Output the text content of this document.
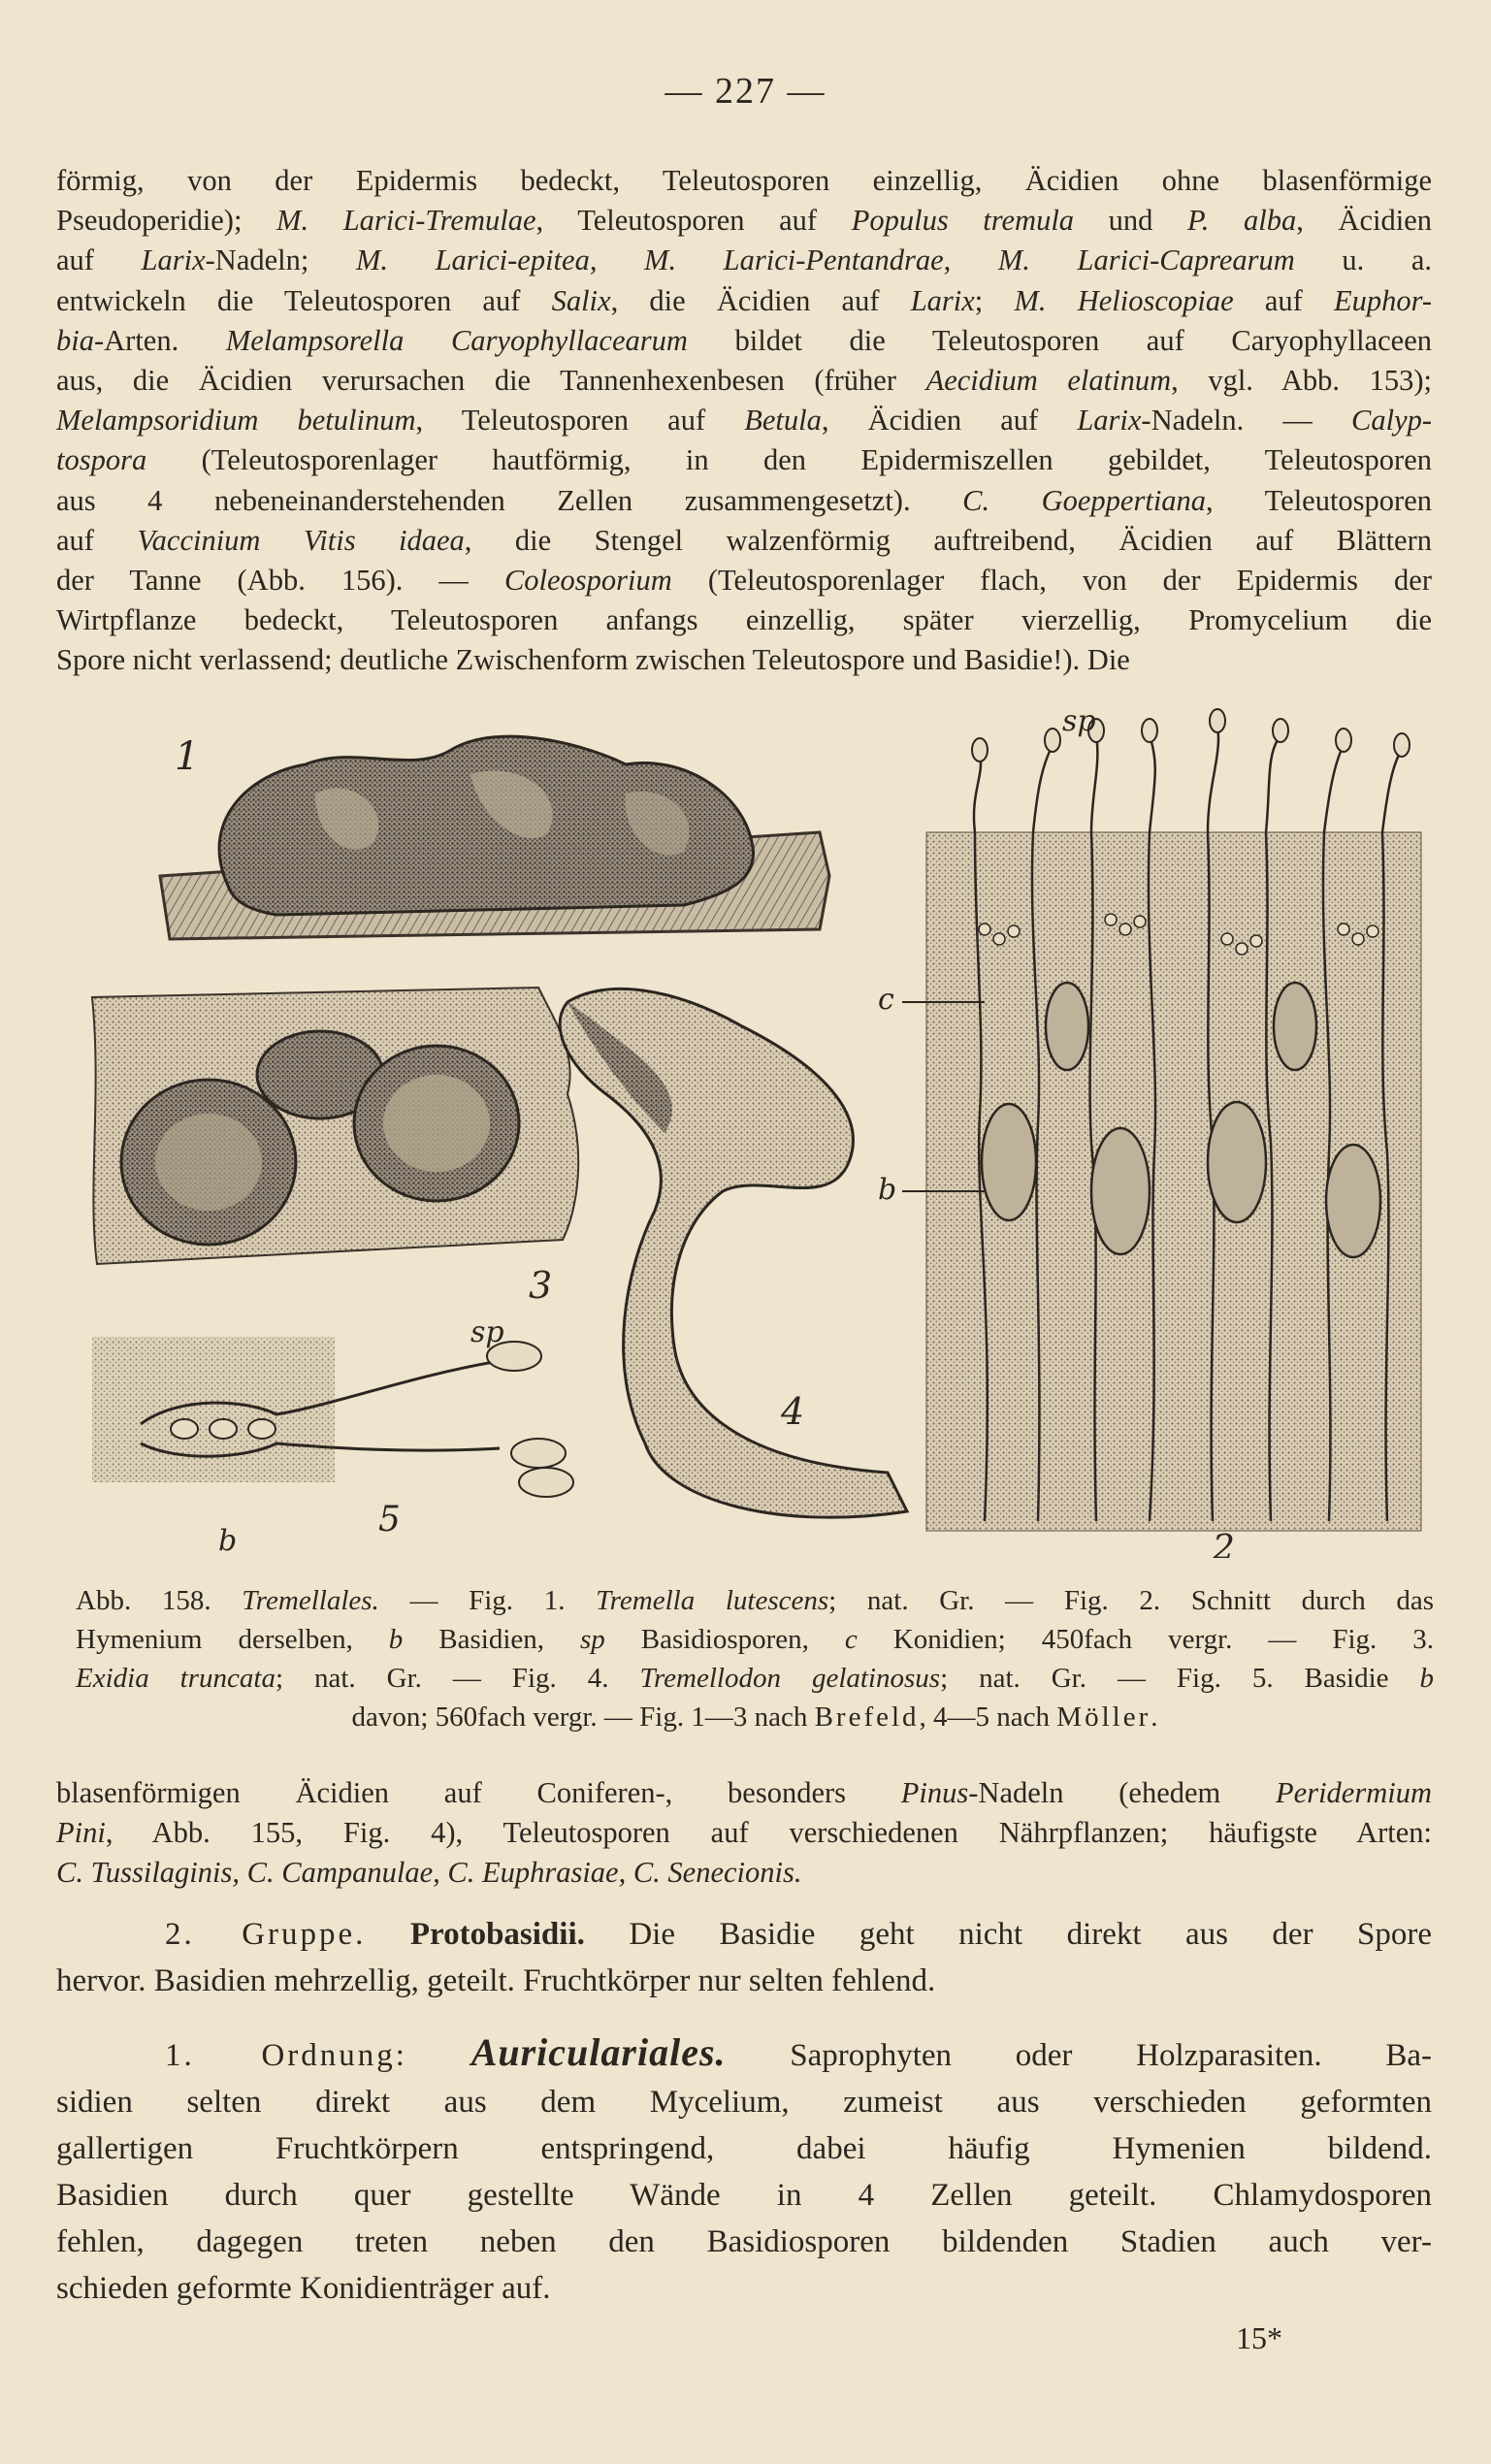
— 227 —
förmig, von der Epidermis bedeckt, Teleutosporen einzellig, Äcidien ohne blasenförmige
Pseudoperidie); M. Larici-Tremulae, Teleutosporen auf Populus tremula und P. alba, Äcidien
auf Larix-Nadeln; M. Larici-epitea, M. Larici-Pentandrae, M. Larici-Caprearum u. a.
entwickeln die Teleutosporen auf Salix, die Äcidien auf Larix; M. Helioscopiae auf Euphor-
bia-Arten. Melampsorella Caryophyllacearum bildet die Teleutosporen auf Caryophyllaceen
aus, die Äcidien verursachen die Tannenhexenbesen (früher Aecidium elatinum, vgl. Abb. 153);
Melampsoridium betulinum, Teleutosporen auf Betula, Äcidien auf Larix-Nadeln. — Calyp-
tospora (Teleutosporenlager hautförmig, in den Epidermiszellen gebildet, Teleutosporen
aus 4 nebeneinanderstehenden Zellen zusammengesetzt). C. Goeppertiana, Teleutosporen
auf Vaccinium Vitis idaea, die Stengel walzenförmig auftreibend, Äcidien auf Blättern
der Tanne (Abb. 156). — Coleosporium (Teleutosporenlager flach, von der Epidermis der
Wirtpflanze bedeckt, Teleutosporen anfangs einzellig, später vierzellig, Promycelium die
Spore nicht verlassend; deutliche Zwischenform zwischen Teleutospore und Basidie!). Die
1
3
4
sp
b
5
c
b
sp
2
Abb. 158. Tremellales. — Fig. 1. Tremella lutescens; nat. Gr. — Fig. 2. Schnitt durch das
Hymenium derselben, b Basidien, sp Basidiosporen, c Konidien; 450fach vergr. — Fig. 3.
Exidia truncata; nat. Gr. — Fig. 4. Tremellodon gelatinosus; nat. Gr. — Fig. 5. Basidie b
davon; 560fach vergr. — Fig. 1—3 nach Brefeld, 4—5 nach Möller.
blasenförmigen Äcidien auf Coniferen-, besonders Pinus-Nadeln (ehedem Peridermium
Pini, Abb. 155, Fig. 4), Teleutosporen auf verschiedenen Nährpflanzen; häufigste Arten:
C. Tussilaginis, C. Campanulae, C. Euphrasiae, C. Senecionis.
2. Gruppe. Protobasidii. Die Basidie geht nicht direkt aus der Spore
hervor. Basidien mehrzellig, geteilt. Fruchtkörper nur selten fehlend.
1. Ordnung: Auriculariales. Saprophyten oder Holzparasiten. Ba-
sidien selten direkt aus dem Mycelium, zumeist aus verschieden geformten
gallertigen Fruchtkörpern entspringend, dabei häufig Hymenien bildend.
Basidien durch quer gestellte Wände in 4 Zellen geteilt. Chlamydosporen
fehlen, dagegen treten neben den Basidiosporen bildenden Stadien auch ver-
schieden geformte Konidienträger auf.
15*
